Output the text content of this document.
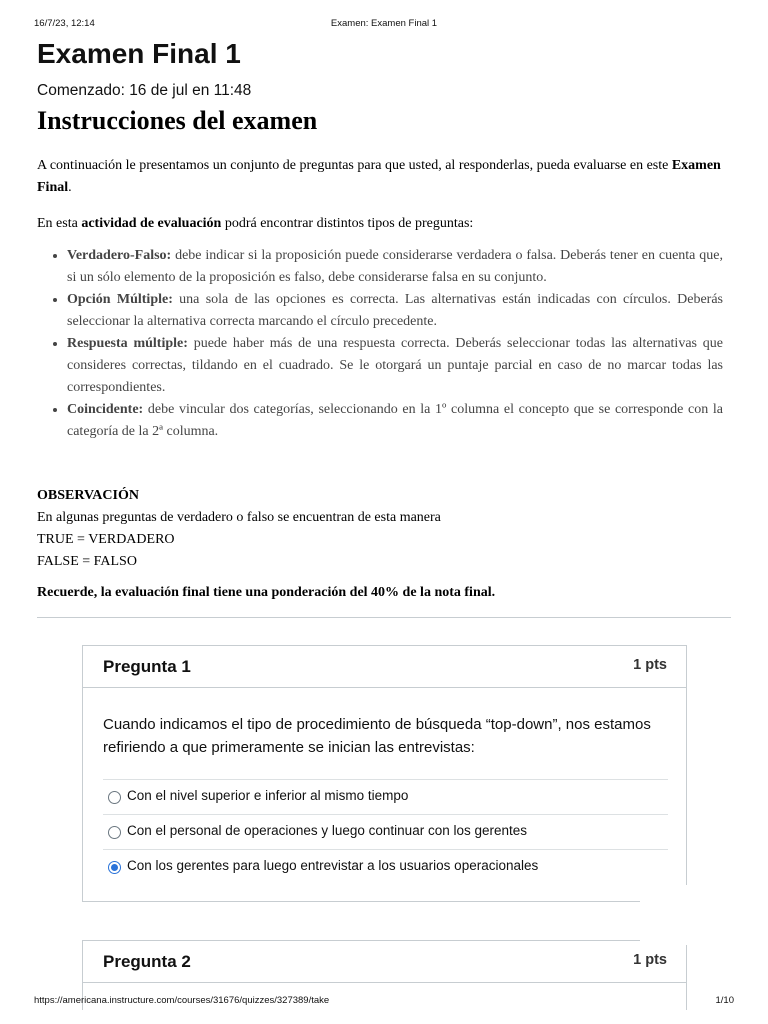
16/7/23, 12:14	Examen: Examen Final 1
Examen Final 1
Comenzado: 16 de jul en 11:48
Instrucciones del examen

A continuación le presentamos un conjunto de preguntas para que usted, al responderlas, pueda evaluarse en este Examen Final.

En esta actividad de evaluación podrá encontrar distintos tipos de preguntas:

• Verdadero-Falso: debe indicar si la proposición puede considerarse verdadera o falsa. Deberás tener en cuenta que, si un sólo elemento de la proposición es falso, debe considerarse falsa en su conjunto.
• Opción Múltiple: una sola de las opciones es correcta. Las alternativas están indicadas con círculos. Deberás seleccionar la alternativa correcta marcando el círculo precedente.
• Respuesta múltiple: puede haber más de una respuesta correcta. Deberás seleccionar todas las alternativas que consideres correctas, tildando en el cuadrado. Se le otorgará un puntaje parcial en caso de no marcar todas las correspondientes.
• Coincidente: debe vincular dos categorías, seleccionando en la 1º columna el concepto que se corresponde con la categoría de la 2ª columna.
OBSERVACIÓN
En algunas preguntas de verdadero o falso se encuentran de esta manera
TRUE = VERDADERO
FALSE = FALSO
Recuerde, la evaluación final tiene una ponderación del 40% de la nota final.
Pregunta 1	1 pts
Cuando indicamos el tipo de procedimiento de búsqueda “top-down”, nos estamos refiriendo a que primeramente se inician las entrevistas:
Con el nivel superior e inferior al mismo tiempo
Con el personal de operaciones y luego continuar con los gerentes
Con los gerentes para luego entrevistar a los usuarios operacionales
Pregunta 2	1 pts
https://americana.instructure.com/courses/31676/quizzes/327389/take	1/10
